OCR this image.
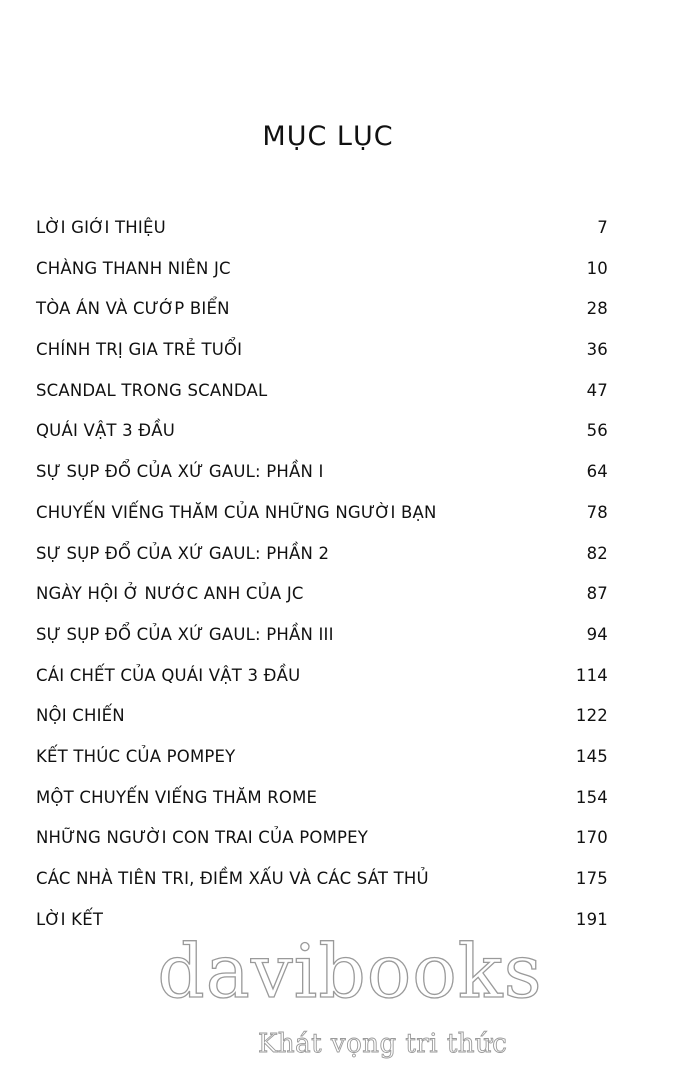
MỤC LỤC
LỜI GIỚI THIỆU	7
CHÀNG THANH NIÊN JC	10
TÒA ÁN VÀ CƯỚP BIỂN	28
CHÍNH TRỊ GIA TRẺ TUỔI	36
SCANDAL TRONG SCANDAL	47
QUÁI VẬT 3 ĐẦU	56
SỰ SỤP ĐỔ CỦA XỨ GAUL: PHẦN I	64
CHUYẾN VIẾNG THĂM CỦA NHỮNG NGƯỜI BẠN	78
SỰ SỤP ĐỔ CỦA XỨ GAUL: PHẦN 2	82
NGÀY HỘI Ở NƯỚC ANH CỦA JC	87
SỰ SỤP ĐỔ CỦA XỨ GAUL: PHẦN III	94
CÁI CHẾT CỦA QUÁI VẬT 3 ĐẦU	114
NỘI CHIẾN	122
KẾT THÚC CỦA POMPEY	145
MỘT CHUYẾN VIẾNG THĂM ROME	154
NHỮNG NGƯỜI CON TRAI CỦA POMPEY	170
CÁC NHÀ TIÊN TRI, ĐIỀM XẤU VÀ CÁC SÁT THỦ	175
LỜI KẾT	191
davibooks
Khát vọng tri thức
